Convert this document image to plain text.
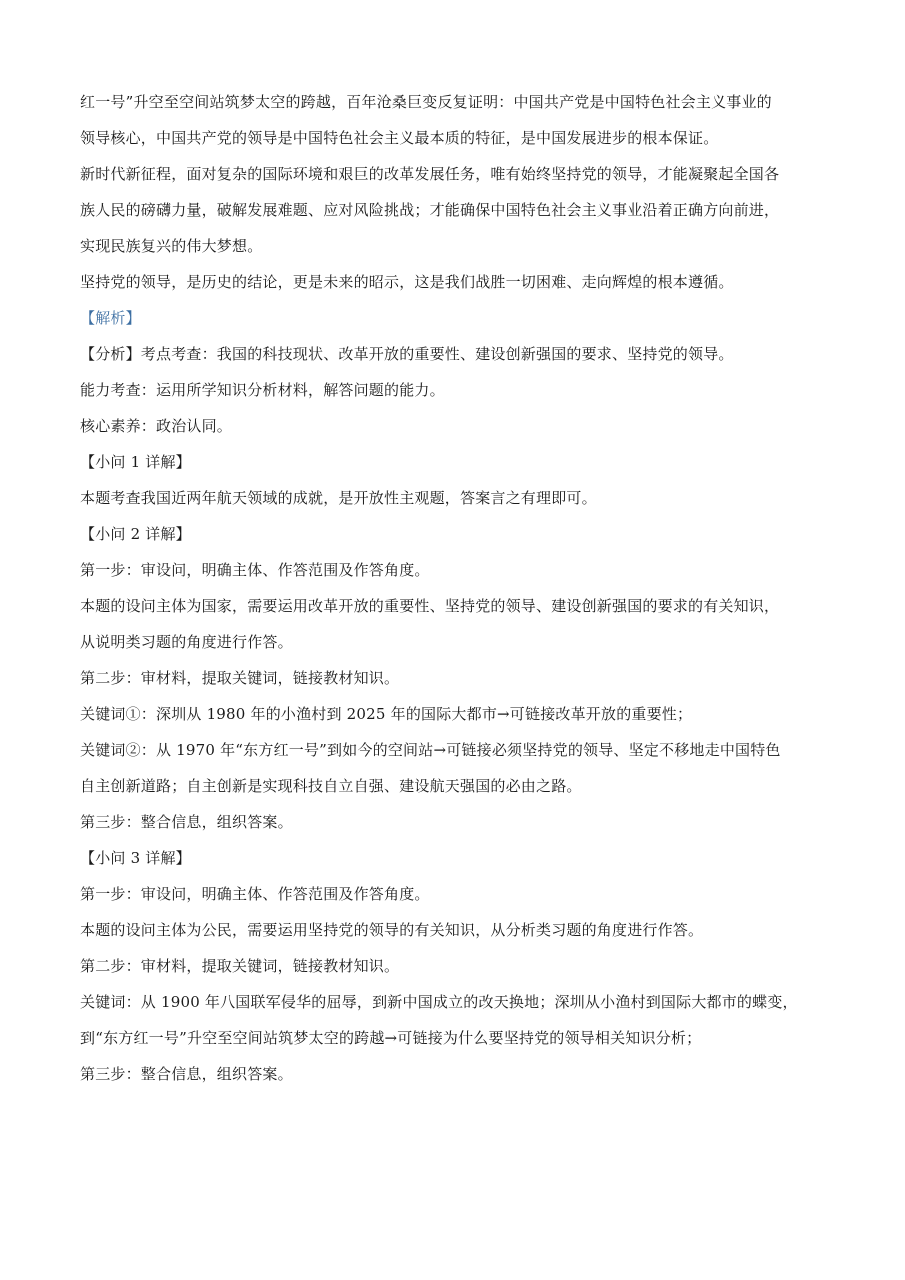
红一号”升空至空间站筑梦太空的跨越，百年沧桑巨变反复证明：中国共产党是中国特色社会主义事业的
领导核心，中国共产党的领导是中国特色社会主义最本质的特征，是中国发展进步的根本保证。
新时代新征程，面对复杂的国际环境和艰巨的改革发展任务，唯有始终坚持党的领导，才能凝聚起全国各
族人民的磅礴力量，破解发展难题、应对风险挑战；才能确保中国特色社会主义事业沿着正确方向前进，
实现民族复兴的伟大梦想。
坚持党的领导，是历史的结论，更是未来的昭示，这是我们战胜一切困难、走向辉煌的根本遵循。
【解析】
【分析】考点考查：我国的科技现状、改革开放的重要性、建设创新强国的要求、坚持党的领导。
能力考查：运用所学知识分析材料，解答问题的能力。
核心素养：政治认同。
【小问 1 详解】
本题考查我国近两年航天领域的成就，是开放性主观题，答案言之有理即可。
【小问 2 详解】
第一步：审设问，明确主体、作答范围及作答角度。
本题的设问主体为国家，需要运用改革开放的重要性、坚持党的领导、建设创新强国的要求的有关知识，
从说明类习题的角度进行作答。
第二步：审材料，提取关键词，链接教材知识。
关键词①：深圳从 1980 年的小渔村到 2025 年的国际大都市→可链接改革开放的重要性；
关键词②：从 1970 年“东方红一号”到如今的空间站→可链接必须坚持党的领导、坚定不移地走中国特色
自主创新道路；自主创新是实现科技自立自强、建设航天强国的必由之路。
第三步：整合信息，组织答案。
【小问 3 详解】
第一步：审设问，明确主体、作答范围及作答角度。
本题的设问主体为公民，需要运用坚持党的领导的有关知识，从分析类习题的角度进行作答。
第二步：审材料，提取关键词，链接教材知识。
关键词：从 1900 年八国联军侵华的屈辱，到新中国成立的改天换地；深圳从小渔村到国际大都市的蝶变，
到“东方红一号”升空至空间站筑梦太空的跨越→可链接为什么要坚持党的领导相关知识分析；
第三步：整合信息，组织答案。
